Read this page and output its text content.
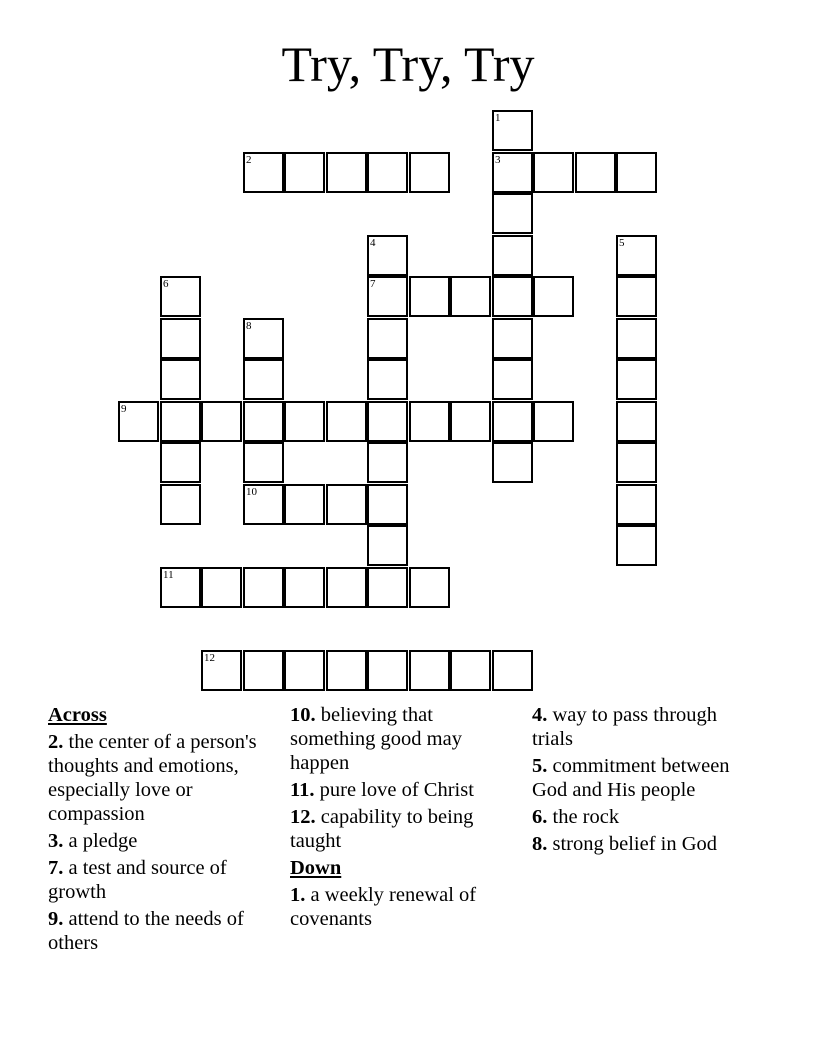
Try, Try, Try
2	3
7
9
10
11
12
1
4	5
6
8
Across
2. the center of a person's thoughts and emotions, especially love or compassion
3. a pledge
7. a test and source of growth
9. attend to the needs of others
10. believing that something good may happen
11. pure love of Christ
12. capability to being taught
Down
1. a weekly renewal of covenants
4. way to pass through trials
5. commitment between God and His people
6. the rock
8. strong belief in God
